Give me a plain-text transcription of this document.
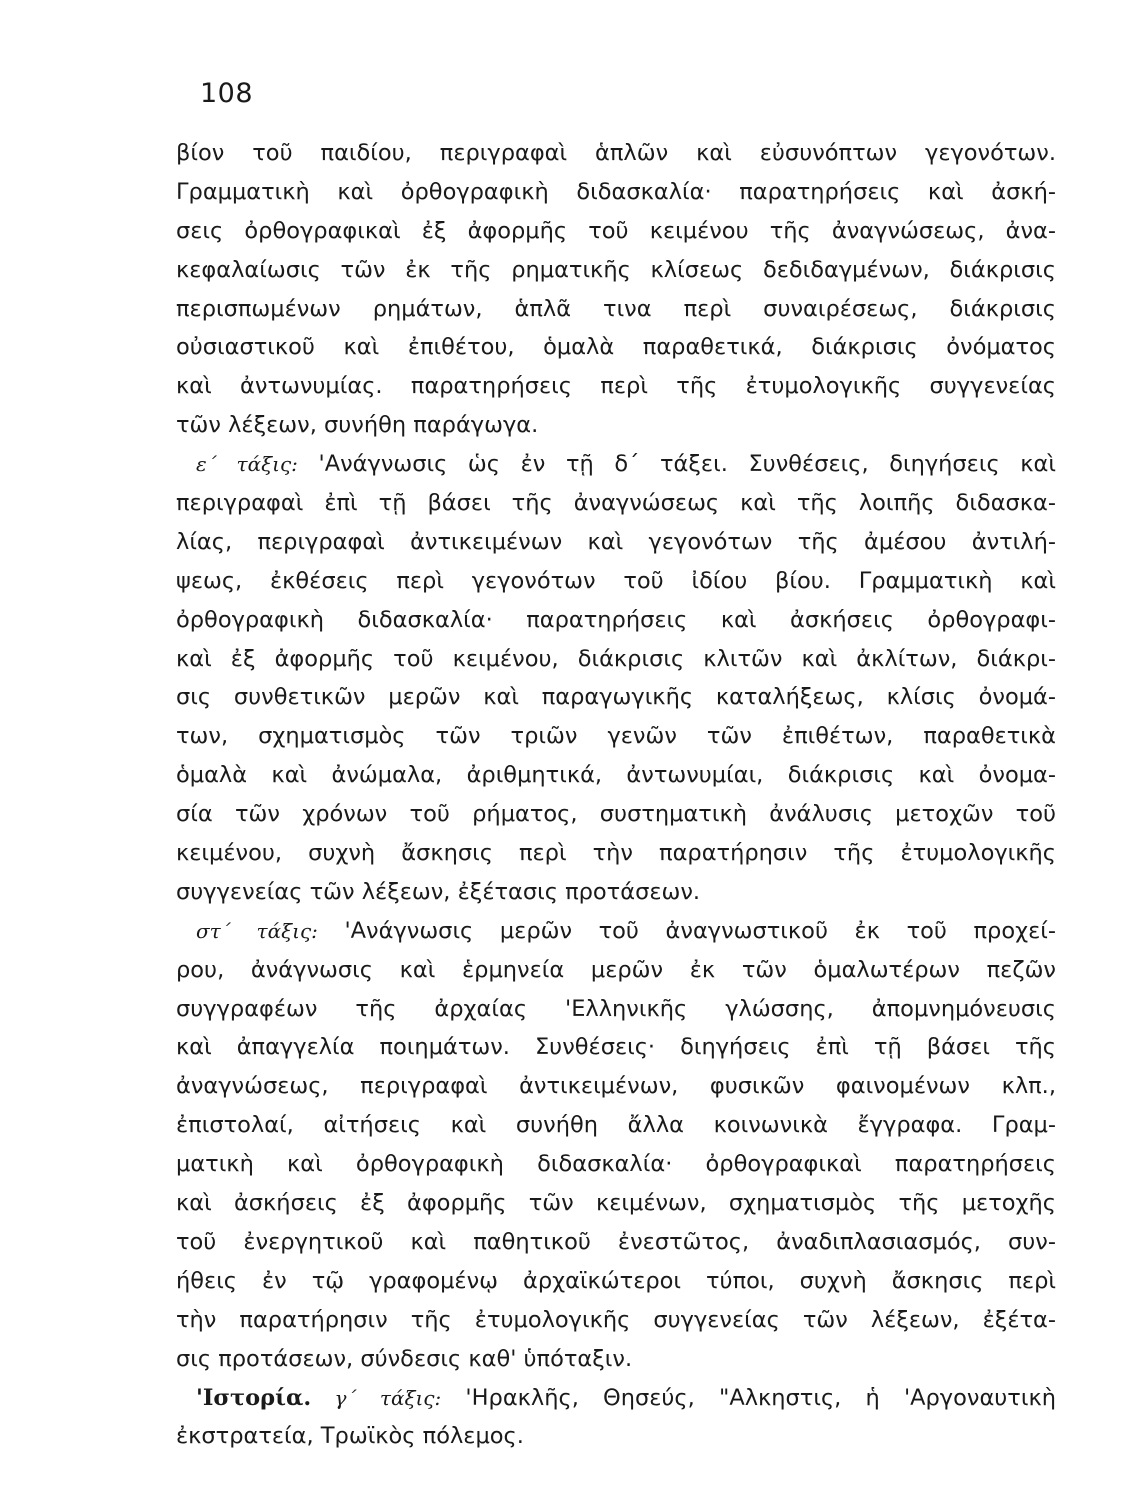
108
βίον τοῦ παιδίου, περιγραφαὶ ἁπλῶν καὶ εὐσυνόπτων γεγονότων.
Γραμματικὴ καὶ ὀρθογραφικὴ διδασκαλία· παρατηρήσεις καὶ ἀσκή-
σεις ὀρθογραφικαὶ ἐξ ἀφορμῆς τοῦ κειμένου τῆς ἀναγνώσεως, ἀνα-
κεφαλαίωσις τῶν ἐκ τῆς ρηματικῆς κλίσεως δεδιδαγμένων, διάκρισις
περισπωμένων ρημάτων, ἁπλᾶ τινα περὶ συναιρέσεως, διάκρισις
οὐσιαστικοῦ καὶ ἐπιθέτου, ὁμαλὰ παραθετικά, διάκρισις ὀνόματος
καὶ ἀντωνυμίας. παρατηρήσεις περὶ τῆς ἐτυμολογικῆς συγγενείας
τῶν λέξεων, συνήθη παράγωγα.
ε΄ τάξις: 'Ανάγνωσις ὡς ἐν τῇ δ΄ τάξει. Συνθέσεις, διηγήσεις καὶ
περιγραφαὶ ἐπὶ τῇ βάσει τῆς ἀναγνώσεως καὶ τῆς λοιπῆς διδασκα-
λίας, περιγραφαὶ ἀντικειμένων καὶ γεγονότων τῆς ἀμέσου ἀντιλή-
ψεως, ἐκθέσεις περὶ γεγονότων τοῦ ἰδίου βίου. Γραμματικὴ καὶ
ὀρθογραφικὴ διδασκαλία· παρατηρήσεις καὶ ἀσκήσεις ὀρθογραφι-
καὶ ἐξ ἀφορμῆς τοῦ κειμένου, διάκρισις κλιτῶν καὶ ἀκλίτων, διάκρι-
σις συνθετικῶν μερῶν καὶ παραγωγικῆς καταλήξεως, κλίσις ὀνομά-
των, σχηματισμὸς τῶν τριῶν γενῶν τῶν ἐπιθέτων, παραθετικὰ
ὁμαλὰ καὶ ἀνώμαλα, ἀριθμητικά, ἀντωνυμίαι, διάκρισις καὶ ὀνομα-
σία τῶν χρόνων τοῦ ρήματος, συστηματικὴ ἀνάλυσις μετοχῶν τοῦ
κειμένου, συχνὴ ἄσκησις περὶ τὴν παρατήρησιν τῆς ἐτυμολογικῆς
συγγενείας τῶν λέξεων, ἐξέτασις προτάσεων.
στ΄ τάξις: 'Ανάγνωσις μερῶν τοῦ ἀναγνωστικοῦ ἐκ τοῦ προχεί-
ρου, ἀνάγνωσις καὶ ἑρμηνεία μερῶν ἐκ τῶν ὁμαλωτέρων πεζῶν
συγγραφέων τῆς ἀρχαίας 'Ελληνικῆς γλώσσης, ἀπομνημόνευσις
καὶ ἀπαγγελία ποιημάτων. Συνθέσεις· διηγήσεις ἐπὶ τῇ βάσει τῆς
ἀναγνώσεως, περιγραφαὶ ἀντικειμένων, φυσικῶν φαινομένων κλπ.,
ἐπιστολαί, αἰτήσεις καὶ συνήθη ἄλλα κοινωνικὰ ἔγγραφα. Γραμ-
ματικὴ καὶ ὀρθογραφικὴ διδασκαλία· ὀρθογραφικαὶ παρατηρήσεις
καὶ ἀσκήσεις ἐξ ἀφορμῆς τῶν κειμένων, σχηματισμὸς τῆς μετοχῆς
τοῦ ἐνεργητικοῦ καὶ παθητικοῦ ἐνεστῶτος, ἀναδιπλασιασμός, συν-
ήθεις ἐν τῷ γραφομένῳ ἀρχαϊκώτεροι τύποι, συχνὴ ἄσκησις περὶ
τὴν παρατήρησιν τῆς ἐτυμολογικῆς συγγενείας τῶν λέξεων, ἐξέτα-
σις προτάσεων, σύνδεσις καθ' ὑπόταξιν.
'Ιστορία. γ΄ τάξις: 'Ηρακλῆς, Θησεύς, "Αλκηστις, ἡ 'Αργοναυτικὴ
ἐκστρατεία, Τρωϊκὸς πόλεμος.
